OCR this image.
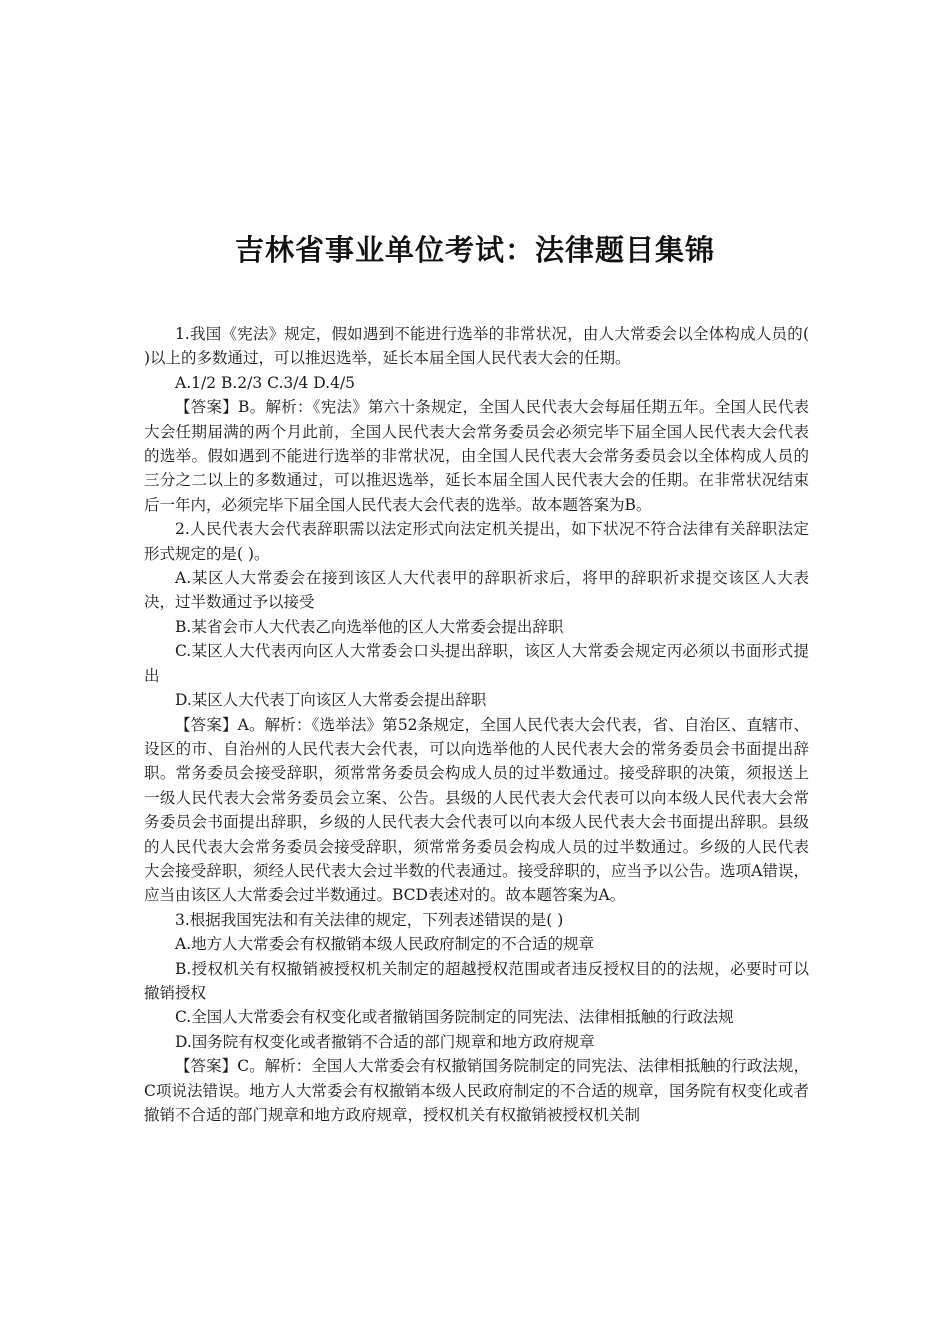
吉林省事业单位考试：法律题目集锦

1.我国《宪法》规定，假如遇到不能进行选举的非常状况，由人大常委会以全体构成人员的( )以上的多数通过，可以推迟选举，延长本届全国人民代表大会的任期。

A.1/2 B.2/3 C.3/4 D.4/5

【答案】B。解析：《宪法》第六十条规定，全国人民代表大会每届任期五年。全国人民代表大会任期届满的两个月此前，全国人民代表大会常务委员会必须完毕下届全国人民代表大会代表的选举。假如遇到不能进行选举的非常状况，由全国人民代表大会常务委员会以全体构成人员的三分之二以上的多数通过，可以推迟选举，延长本届全国人民代表大会的任期。在非常状况结束后一年内，必须完毕下届全国人民代表大会代表的选举。故本题答案为B。

2.人民代表大会代表辞职需以法定形式向法定机关提出，如下状况不符合法律有关辞职法定形式规定的是( )。

A.某区人大常委会在接到该区人大代表甲的辞职祈求后，将甲的辞职祈求提交该区人大表决，过半数通过予以接受

B.某省会市人大代表乙向选举他的区人大常委会提出辞职

C.某区人大代表丙向区人大常委会口头提出辞职，该区人大常委会规定丙必须以书面形式提出

D.某区人大代表丁向该区人大常委会提出辞职

【答案】A。解析：《选举法》第52条规定，全国人民代表大会代表，省、自治区、直辖市、设区的市、自治州的人民代表大会代表，可以向选举他的人民代表大会的常务委员会书面提出辞职。常务委员会接受辞职，须常常务委员会构成人员的过半数通过。接受辞职的决策，须报送上一级人民代表大会常务委员会立案、公告。县级的人民代表大会代表可以向本级人民代表大会常务委员会书面提出辞职，乡级的人民代表大会代表可以向本级人民代表大会书面提出辞职。县级的人民代表大会常务委员会接受辞职，须常常务委员会构成人员的过半数通过。乡级的人民代表大会接受辞职，须经人民代表大会过半数的代表通过。接受辞职的，应当予以公告。选项A错误，应当由该区人大常委会过半数通过。BCD表述对的。故本题答案为A。

3.根据我国宪法和有关法律的规定，下列表述错误的是( )

A.地方人大常委会有权撤销本级人民政府制定的不合适的规章

B.授权机关有权撤销被授权机关制定的超越授权范围或者违反授权目的的法规，必要时可以撤销授权

C.全国人大常委会有权变化或者撤销国务院制定的同宪法、法律相抵触的行政法规

D.国务院有权变化或者撤销不合适的部门规章和地方政府规章

【答案】C。解析：全国人大常委会有权撤销国务院制定的同宪法、法律相抵触的行政法规，C项说法错误。地方人大常委会有权撤销本级人民政府制定的不合适的规章，国务院有权变化或者撤销不合适的部门规章和地方政府规章，授权机关有权撤销被授权机关制
